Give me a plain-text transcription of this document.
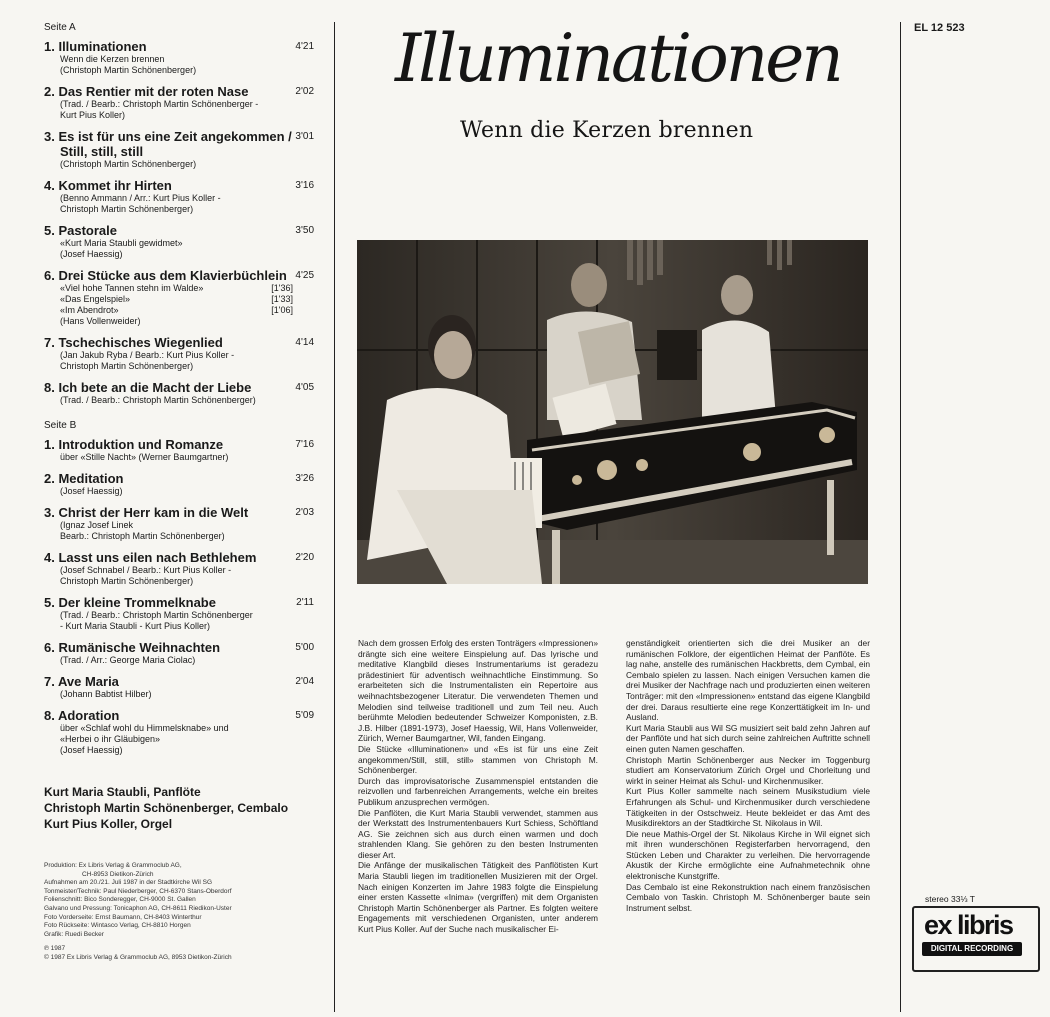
Seite A
1. Illuminationen	4'21
Wenn die Kerzen brennen
(Christoph Martin Schönenberger)
2. Das Rentier mit der roten Nase	2'02
(Trad. / Bearb.: Christoph Martin Schönenberger -
Kurt Pius Koller)
3. Es ist für uns eine Zeit angekommen / Still, still, still
3'01
(Christoph Martin Schönenberger)
4. Kommet ihr Hirten	3'16
(Benno Ammann / Arr.: Kurt Pius Koller -
Christoph Martin Schönenberger)
5. Pastorale	3'50
«Kurt Maria Staubli gewidmet»
(Josef Haessig)
6. Drei Stücke aus dem Klavierbüchlein 4'25
«Viel hohe Tannen stehn im Walde»	[1'36]
«Das Engelspiel»	[1'33]
«Im Abendrot»	[1'06]
(Hans Vollenweider)
7. Tschechisches Wiegenlied	4'14
(Jan Jakub Ryba / Bearb.: Kurt Pius Koller -
Christoph Martin Schönenberger)
8. Ich bete an die Macht der Liebe	4'05
(Trad. / Bearb.: Christoph Martin Schönenberger)
Seite B
1. Introduktion und Romanze	7'16
über «Stille Nacht» (Werner Baumgartner)
2. Meditation	3'26
(Josef Haessig)
3. Christ der Herr kam in die Welt	2'03
(Ignaz Josef Linek
Bearb.: Christoph Martin Schönenberger)
4. Lasst uns eilen nach Bethlehem	2'20
(Josef Schnabel / Bearb.: Kurt Pius Koller -
Christoph Martin Schönenberger)
5. Der kleine Trommelknabe	2'11
(Trad. / Bearb.: Christoph Martin Schönenberger
- Kurt Maria Staubli - Kurt Pius Koller)
6. Rumänische Weihnachten	5'00
(Trad. / Arr.: George Maria Ciolac)
7. Ave Maria	2'04
(Johann Babtist Hilber)
8. Adoration	5'09
über «Schlaf wohl du Himmelsknabe» und
«Herbei o ihr Gläubigen»
(Josef Haessig)
Kurt Maria Staubli, Panflöte
Christoph Martin Schönenberger, Cembalo
Kurt Pius Koller, Orgel
Produktion: Ex Libris Verlag & Grammoclub AG,
CH-8953 Dietikon-Zürich
Aufnahmen am 20./21. Juli 1987 in der Stadtkirche Wil SG
Tonmeister/Technik: Paul Niederberger, CH-6370 Stans-Oberdorf
Folienschnitt: Bico Sonderegger, CH-9000 St. Gallen
Galvano und Pressung: Tonicaphon AG, CH-8611 Riedikon-Uster
Foto Vorderseite: Ernst Baumann, CH-8403 Winterthur
Foto Rückseite: Wintasco Verlag, CH-8810 Horgen
Grafik: Ruedi Becker
℗ 1987
© 1987 Ex Libris Verlag & Grammoclub AG, 8953 Dietikon-Zürich
Illuminationen
Wenn die Kerzen brennen

Nach dem grossen Erfolg des ersten Tonträgers «Impressionen» drängte sich eine weitere Einspielung auf. Das lyrische und meditative Klangbild dieses Instrumentariums ist geradezu prädestiniert für adventisch weihnachtliche Einstimmung. So erarbeiteten sich die Instrumentalisten ein Repertoire aus weihnachtsbezogener Literatur. Die verwendeten Themen und Melodien sind teilweise traditionell und zum Teil neu. Auch berühmte Melodien bedeutender Schweizer Komponisten, z.B. J.B. Hilber (1891-1973), Josef Haessig, Wil, Hans Vollenweider, Zürich, Werner Baumgartner, Wil, fanden Eingang.

Die Stücke «Illuminationen» und «Es ist für uns eine Zeit angekommen/Still, still, still» stammen von Christoph M. Schönenberger.

Durch das improvisatorische Zusammenspiel entstanden die reizvollen und farbenreichen Arrangements, welche ein breites Publikum anzusprechen vermögen.

Die Panflöten, die Kurt Maria Staubli verwendet, stammen aus der Werkstatt des Instrumentenbauers Kurt Schiess, Schöftland AG. Sie zeichnen sich aus durch einen warmen und doch strahlenden Klang. Sie gehören zu den besten Instrumenten dieser Art.

Die Anfänge der musikalischen Tätigkeit des Panflötisten Kurt Maria Staubli liegen im traditionellen Musizieren mit der Orgel. Nach einigen Konzerten im Jahre 1983 folgte die Einspielung einer ersten Kassette «Inima» (vergriffen) mit dem Organisten Christoph Martin Schönenberger als Partner. Es folgten weitere Engagements mit verschiedenen Organisten, unter anderem Kurt Pius Koller. Auf der Suche nach musikalischer Ei-

genständigkeit orientierten sich die drei Musiker an der rumänischen Folklore, der eigentlichen Heimat der Panflöte. Es lag nahe, anstelle des rumänischen Hackbretts, dem Cymbal, ein Cembalo spielen zu lassen. Nach einigen Versuchen kamen die drei Musiker der Nachfrage nach und produzierten einen weiteren Tonträger: mit den «Impressionen» entstand das eigene Klangbild der drei. Daraus resultierte eine rege Konzerttätigkeit im In- und Ausland.

Kurt Maria Staubli aus Wil SG musiziert seit bald zehn Jahren auf der Panflöte und hat sich durch seine zahlreichen Auftritte schnell einen guten Namen geschaffen.

Christoph Martin Schönenberger aus Necker im Toggenburg studiert am Konservatorium Zürich Orgel und Chorleitung und wirkt in seiner Heimat als Schul- und Kirchenmusiker.

Kurt Pius Koller sammelte nach seinem Musikstudium viele Erfahrungen als Schul- und Kirchenmusiker durch verschiedene Tätigkeiten in der Ostschweiz. Heute bekleidet er das Amt des Musikdirektors an der Stadtkirche St. Nikolaus in Wil.

Die neue Mathis-Orgel der St. Nikolaus Kirche in Wil eignet sich mit ihren wunderschönen Registerfarben hervorragend, den Stücken Leben und Charakter zu verleihen. Die hervorragende Akustik der Kirche ermöglichte eine Aufnahmetechnik ohne elektronische Kunstgriffe.

Das Cembalo ist eine Rekonstruktion nach einem französischen Cembalo von Taskin. Christoph M. Schönenberger baute sein Instrument selbst.

EL 12 523
stereo 33⅓ T
ex libris
DIGITAL RECORDING
